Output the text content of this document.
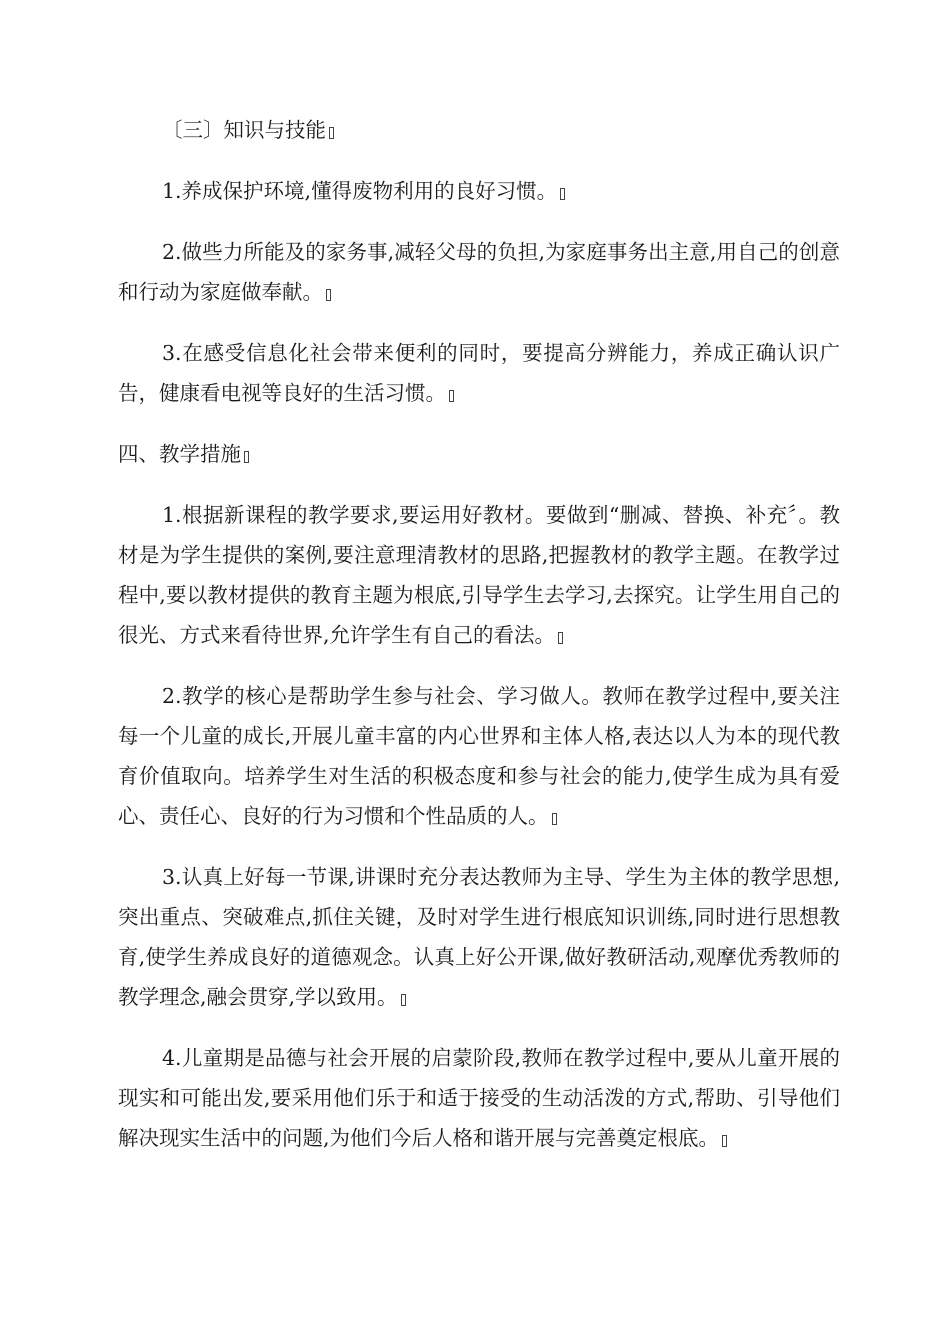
〔三〕知识与技能

1.养成保护环境,懂得废物利用的良好习惯。

2.做些力所能及的家务事,减轻父母的负担,为家庭事务出主意,用自己的创意和行动为家庭做奉献。

3.在感受信息化社会带来便利的同时，要提高分辨能力，养成正确认识广告，健康看电视等良好的生活习惯。

四、教学措施

1.根据新课程的教学要求,要运用好教材。要做到“删减、替换、补充〞。教材是为学生提供的案例,要注意理清教材的思路,把握教材的教学主题。在教学过程中,要以教材提供的教育主题为根底,引导学生去学习,去探究。让学生用自己的很光、方式来看待世界,允许学生有自己的看法。

2.教学的核心是帮助学生参与社会、学习做人。教师在教学过程中,要关注每一个儿童的成长,开展儿童丰富的内心世界和主体人格,表达以人为本的现代教育价值取向。培养学生对生活的积极态度和参与社会的能力,使学生成为具有爱心、责任心、良好的行为习惯和个性品质的人。

3.认真上好每一节课,讲课时充分表达教师为主导、学生为主体的教学思想,突出重点、突破难点,抓住关键，及时对学生进行根底知识训练,同时进行思想教育,使学生养成良好的道德观念。认真上好公开课,做好教研活动,观摩优秀教师的教学理念,融会贯穿,学以致用。

4.儿童期是品德与社会开展的启蒙阶段,教师在教学过程中,要从儿童开展的现实和可能出发,要采用他们乐于和适于接受的生动活泼的方式,帮助、引导他们解决现实生活中的问题,为他们今后人格和谐开展与完善奠定根底。
